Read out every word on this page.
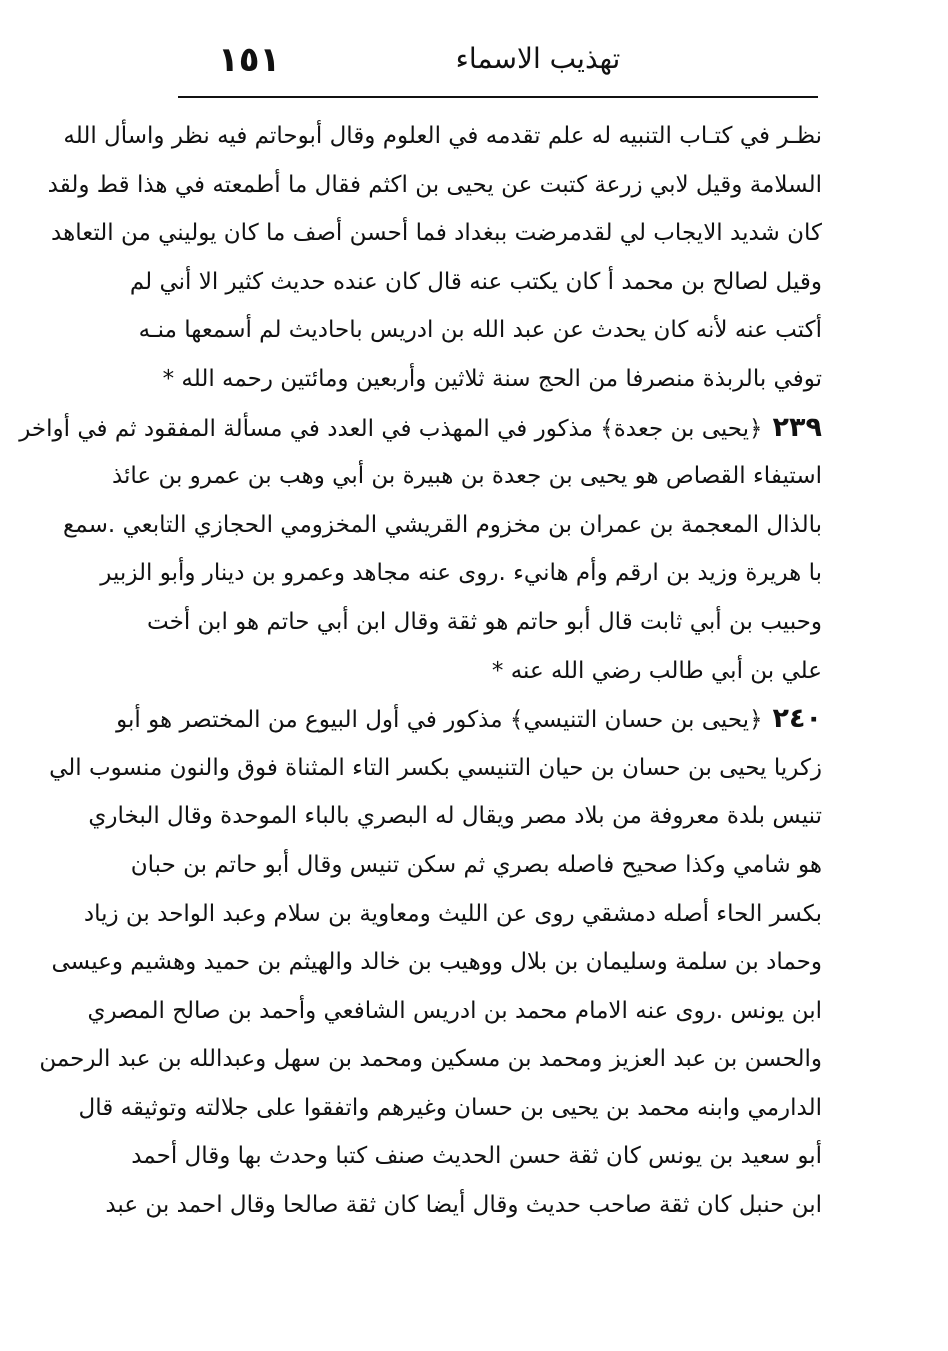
١٥١	تهذيب الاسماء
نظـر في كتـاب التنبيه له علم تقدمه في العلوم وقال أبوحاتم فيه نظر واسأل الله
السلامة وقيل لابي زرعة كتبت عن يحيى بن اكثم فقال ما أطمعته في هذا قط ولقد
كان شديد الايجاب لي لقدمرضت ببغداد فما أحسن أصف ما كان يوليني من التعاهد
وقيل لصالح بن محمد أ كان يكتب عنه قال كان عنده حديث كثير الا أني لم
أكتب عنه لأنه كان يحدث عن عبد الله بن ادريس باحاديث لم أسمعها منـه
توفي بالربذة منصرفا من الحج سنة ثلاثين وأربعين ومائتين رحمه الله *
٢٣٩﴿يحيى بن جعدة﴾ مذكور في المهذب في العدد في مسألة المفقود ثم في أواخر
استيفاء القصاص هو يحيى بن جعدة بن هبيرة بن أبي وهب بن عمرو بن عائذ
بالذال المعجمة بن عمران بن مخزوم القريشي المخزومي الحجازي التابعي .سمع
با هريرة وزيد بن ارقم وأم هانيء .روى عنه مجاهد وعمرو بن دينار وأبو الزبير
وحبيب بن أبي ثابت قال أبو حاتم هو ثقة وقال ابن أبي حاتم هو ابن أخت
علي بن أبي طالب رضي الله عنه *
٢٤٠﴿يحيى بن حسان التنيسي﴾ مذكور في أول البيوع من المختصر هو أبو
زكريا يحيى بن حسان بن حيان التنيسي بكسر التاء المثناة فوق والنون منسوب الي
تنيس بلدة معروفة من بلاد مصر ويقال له البصري بالباء الموحدة وقال البخاري
هو شامي وكذا صحيح فاصله بصري ثم سكن تنيس وقال أبو حاتم بن حبان
بكسر الحاء أصله دمشقي روى عن الليث ومعاوية بن سلام وعبد الواحد بن زياد
وحماد بن سلمة وسليمان بن بلال ووهيب بن خالد والهيثم بن حميد وهشيم وعيسى
ابن يونس .روى عنه الامام محمد بن ادريس الشافعي وأحمد بن صالح المصري
والحسن بن عبد العزيز ومحمد بن مسكين ومحمد بن سهل وعبدالله بن عبد الرحمن
الدارمي وابنه محمد بن يحيى بن حسان وغيرهم واتفقوا على جلالته وتوثيقه قال
أبو سعيد بن يونس كان ثقة حسن الحديث صنف كتبا وحدث بها وقال أحمد
ابن حنبل كان ثقة صاحب حديث وقال أيضا كان ثقة صالحا وقال احمد بن عبد
